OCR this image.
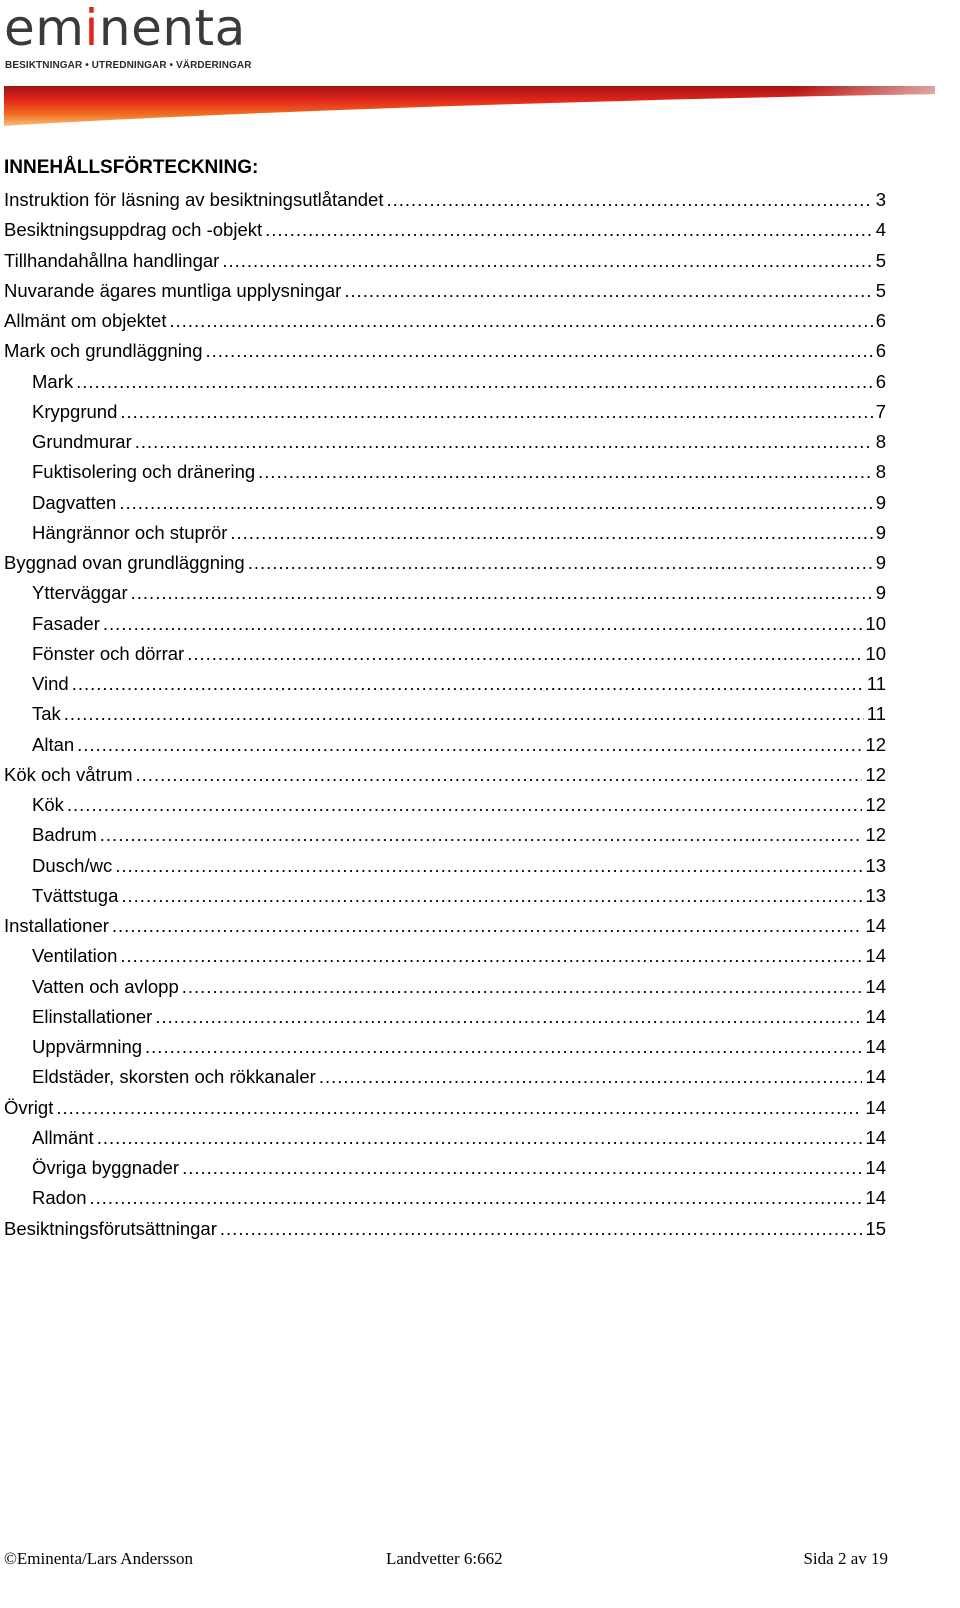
eminenta
BESIKTNINGAR • UTREDNINGAR • VÄRDERINGAR
INNEHÅLLSFÖRTECKNING:
Instruktion för läsning av besiktningsutlåtandet .....	3
Besiktningsuppdrag och -objekt .....	4
Tillhandahållna handlingar .....	5
Nuvarande ägares muntliga upplysningar .....	5
Allmänt om objektet .....	6
Mark och grundläggning .....	6
Mark .....	6
Krypgrund .....	7
Grundmurar .....	8
Fuktisolering och dränering .....	8
Dagvatten .....	9
Hängrännor och stuprör .....	9
Byggnad ovan grundläggning .....	9
Ytterväggar .....	9
Fasader .....	10
Fönster och dörrar .....	10
Vind .....	11
Tak .....	11
Altan .....	12
Kök och våtrum .....	12
Kök .....	12
Badrum .....	12
Dusch/wc .....	13
Tvättstuga .....	13
Installationer .....	14
Ventilation .....	14
Vatten och avlopp .....	14
Elinstallationer .....	14
Uppvärmning .....	14
Eldstäder, skorsten och rökkanaler .....	14
Övrigt .....	14
Allmänt .....	14
Övriga byggnader .....	14
Radon .....	14
Besiktningsförutsättningar .....	15
©Eminenta/Lars Andersson	Landvetter 6:662	Sida 2 av 19
